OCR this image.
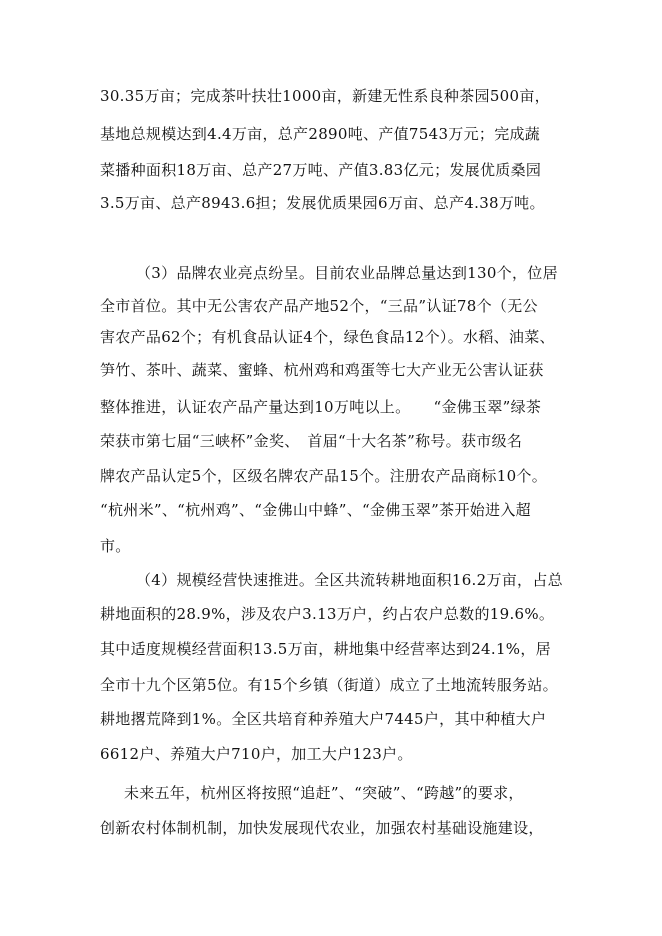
30.35万亩；完成茶叶扶壮1000亩，新建无性系良种茶园500亩，
基地总规模达到4.4万亩，总产2890吨、产值7543万元；完成蔬
菜播种面积18万亩、总产27万吨、产值3.83亿元；发展优质桑园
3.5万亩、总产8943.6担；发展优质果园6万亩、总产4.38万吨。
（3）品牌农业亮点纷呈。目前农业品牌总量达到130个，位居
全市首位。其中无公害农产品产地52个，“三品”认证78个（无公
害农产品62个；有机食品认证4个，绿色食品12个）。水稻、油菜、
笋竹、茶叶、蔬菜、蜜蜂、杭州鸡和鸡蛋等七大产业无公害认证获
整体推进，认证农产品产量达到10万吨以上。　　“金佛玉翠”绿茶
荣获市第七届“三峡杯”金奖、　首届“十大名茶”称号。获市级名
牌农产品认定5个，区级名牌农产品15个。注册农产品商标10个。
“杭州米”、“杭州鸡”、“金佛山中蜂”、“金佛玉翠”茶开始进入超
市。
（4）规模经营快速推进。全区共流转耕地面积16.2万亩，占总
耕地面积的28.9%，涉及农户3.13万户，约占农户总数的19.6%。
其中适度规模经营面积13.5万亩，耕地集中经营率达到24.1%，居
全市十九个区第5位。有15个乡镇（街道）成立了土地流转服务站。
耕地撂荒降到1%。全区共培育种养殖大户7445户，其中种植大户
6612户、养殖大户710户，加工大户123户。
未来五年，杭州区将按照“追赶”、“突破”、“跨越”的要求，
创新农村体制机制，加快发展现代农业，加强农村基础设施建设，
